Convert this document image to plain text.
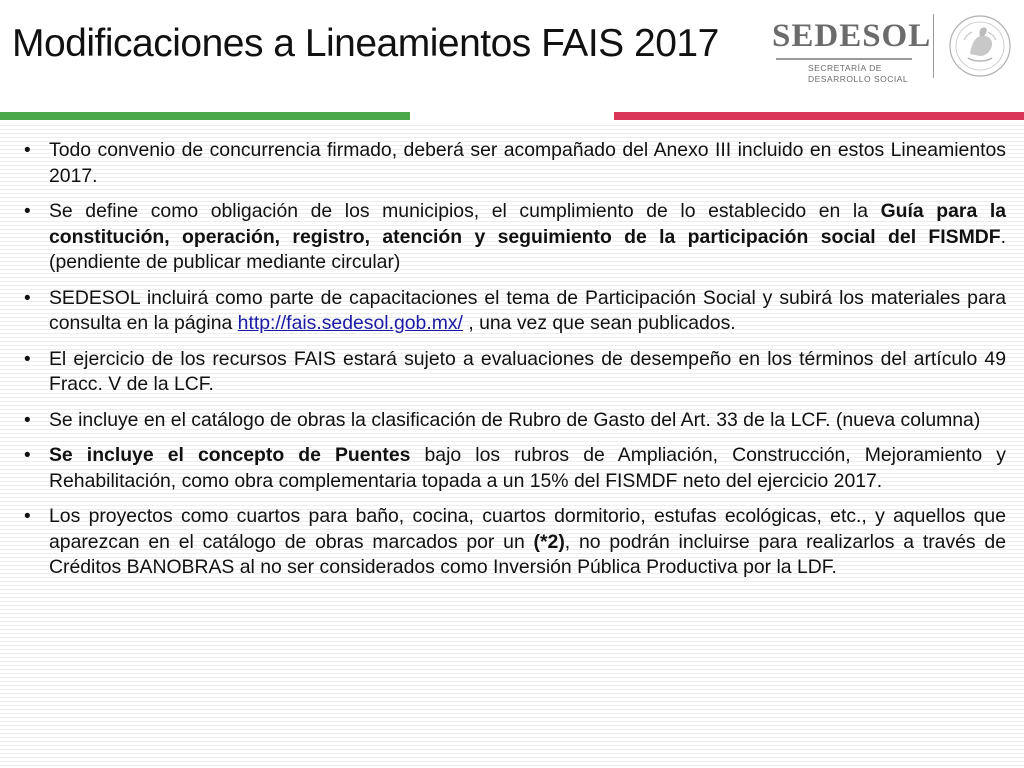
Modificaciones a Lineamientos FAIS 2017 SEDESOL
SECRETARÍA DE
DESARROLLO SOCIAL
• Todo convenio de concurrencia firmado, deberá ser acompañado del Anexo III incluido en estos Lineamientos 2017.
• Se define como obligación de los municipios, el cumplimiento de lo establecido en la Guía para la constitución, operación, registro, atención y seguimiento de la participación social del FISMDF. (pendiente de publicar mediante circular)
• SEDESOL incluirá como parte de capacitaciones el tema de Participación Social y subirá los materiales para consulta en la página http://fais.sedesol.gob.mx/ , una vez que sean publicados.
• El ejercicio de los recursos FAIS estará sujeto a evaluaciones de desempeño en los términos del artículo 49 Fracc. V de la LCF.
• Se incluye en el catálogo de obras la clasificación de Rubro de Gasto del Art. 33 de la LCF. (nueva columna)
• Se incluye el concepto de Puentes bajo los rubros de Ampliación, Construcción, Mejoramiento y Rehabilitación, como obra complementaria topada a un 15% del FISMDF neto del ejercicio 2017.
• Los proyectos como cuartos para baño, cocina, cuartos dormitorio, estufas ecológicas, etc., y aquellos que aparezcan en el catálogo de obras marcados por un (*2), no podrán incluirse para realizarlos a través de Créditos BANOBRAS al no ser considerados como Inversión Pública Productiva por la LDF.
